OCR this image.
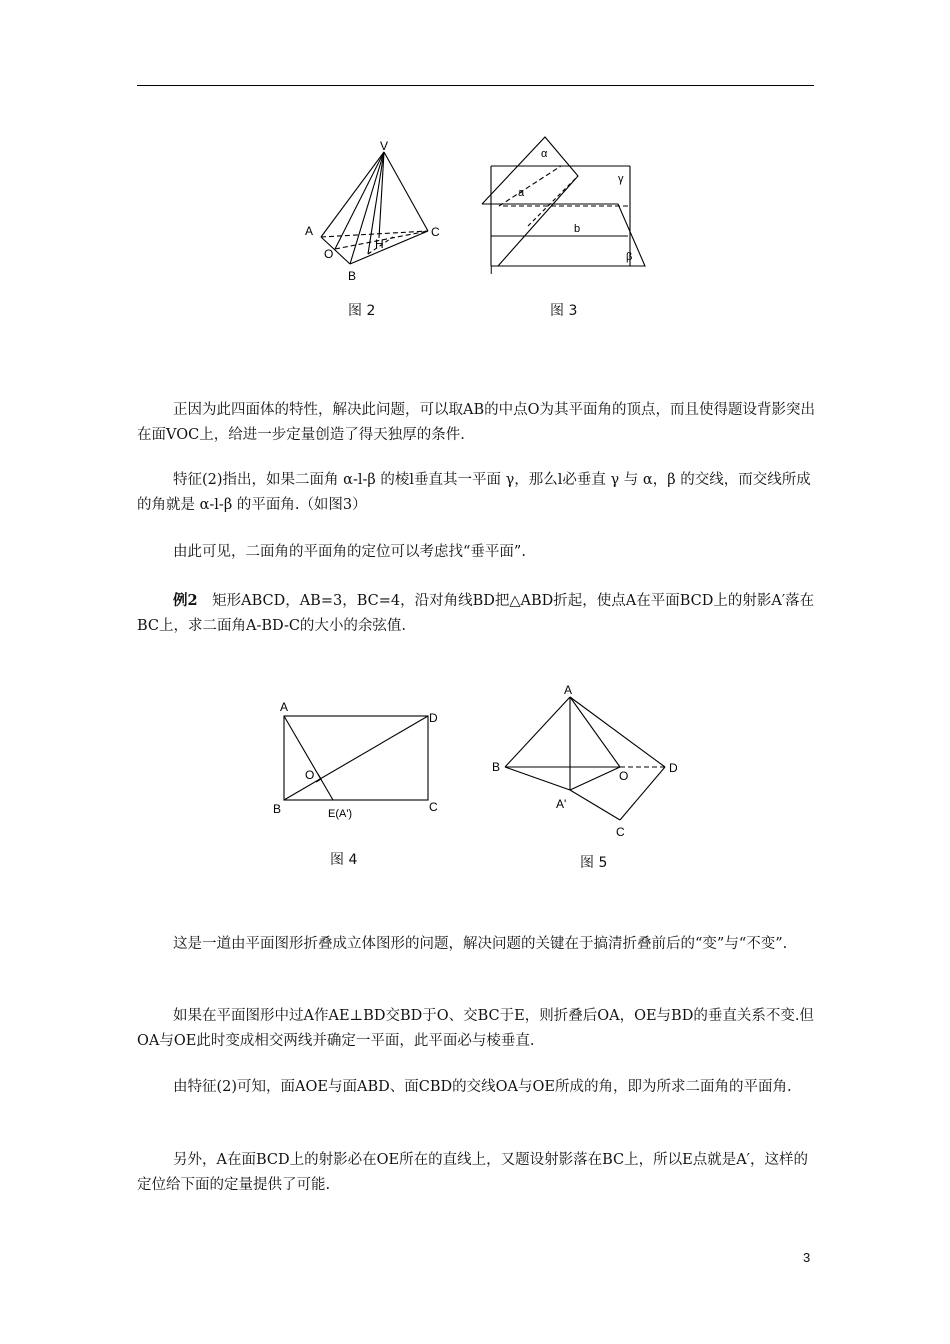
V
A	C
O
H
B
图 2
α
γ
a
b
l
β
图 3

正因为此四面体的特性，解决此问题，可以取AB的中点O为其平面角的顶点，而且使得题设背影突出在面VOC上，给进一步定量创造了得天独厚的条件.

特征(2)指出，如果二面角 α-l-β 的棱l垂直其一平面 γ，那么l必垂直 γ 与 α，β 的交线，而交线所成的角就是 α-l-β 的平面角.（如图3）

由此可见，二面角的平面角的定位可以考虑找“垂平面”.

例2　矩形ABCD，AB=3，BC=4，沿对角线BD把△ABD折起，使点A在平面BCD上的射影A′落在BC上，求二面角A-BD-C的大小的余弦值.

A
D
O
B	E(A')	C
图 4
A
B
O
D
A'
C
图 5

这是一道由平面图形折叠成立体图形的问题，解决问题的关键在于搞清折叠前后的“变”与“不变”.

如果在平面图形中过A作AE⊥BD交BD于O、交BC于E，则折叠后OA，OE与BD的垂直关系不变.但OA与OE此时变成相交两线并确定一平面，此平面必与棱垂直.

由特征(2)可知，面AOE与面ABD、面CBD的交线OA与OE所成的角，即为所求二面角的平面角.

另外，A在面BCD上的射影必在OE所在的直线上，又题设射影落在BC上，所以E点就是A′，这样的定位给下面的定量提供了可能.

3
